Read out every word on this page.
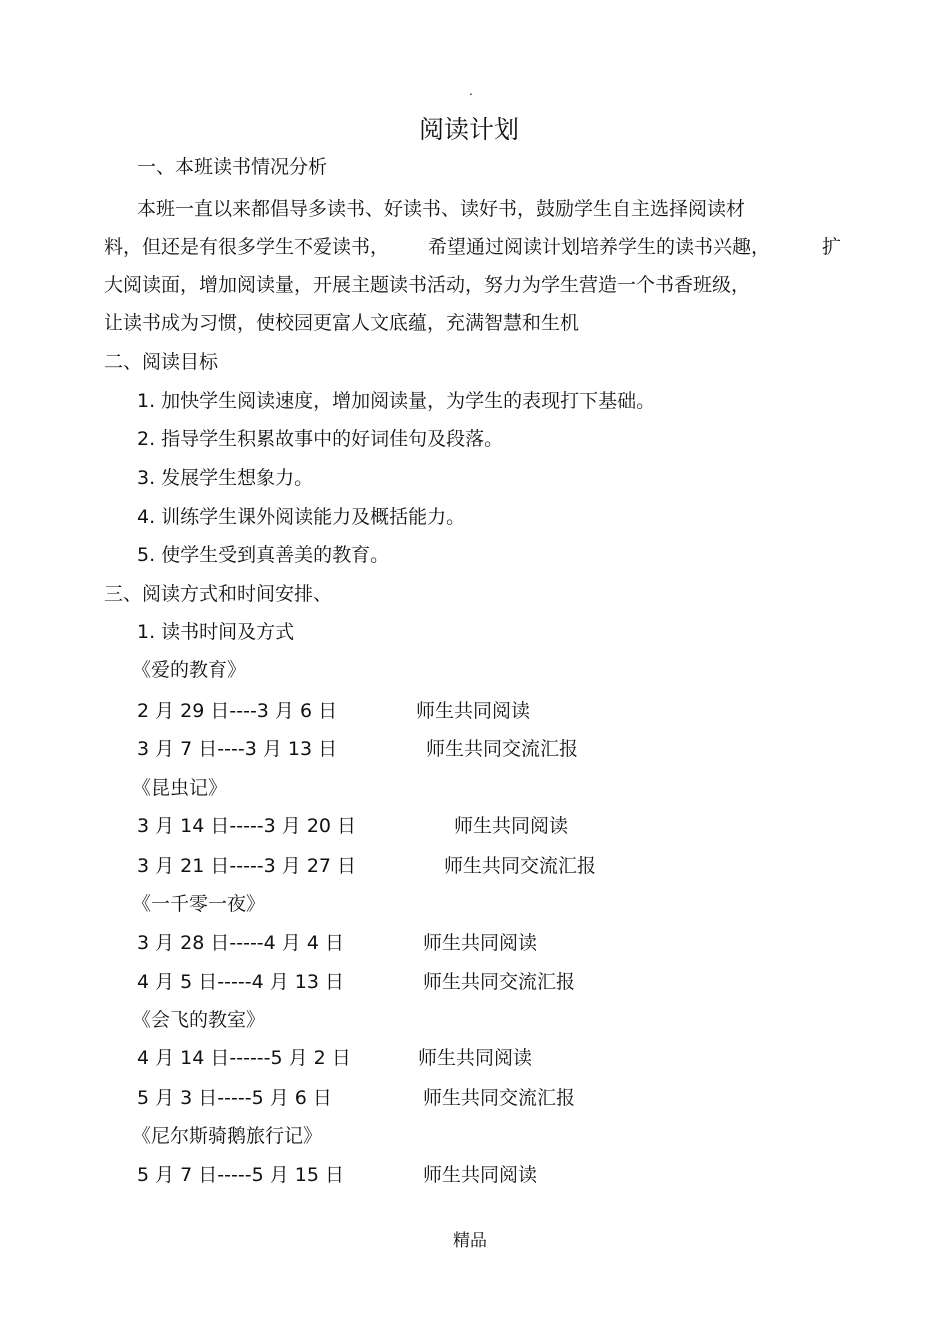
.
阅读计划
一、本班读书情况分析
本班一直以来都倡导多读书、好读书、读好书，鼓励学生自主选择阅读材
料，但还是有很多学生不爱读书， 希望通过阅读计划培养学生的读书兴趣，	扩
大阅读面，增加阅读量，开展主题读书活动，努力为学生营造一个书香班级，
让读书成为习惯，使校园更富人文底蕴，充满智慧和生机
二、阅读目标
1. 加快学生阅读速度，增加阅读量，为学生的表现打下基础。
2. 指导学生积累故事中的好词佳句及段落。
3. 发展学生想象力。
4. 训练学生课外阅读能力及概括能力。
5. 使学生受到真善美的教育。
三、阅读方式和时间安排、
1. 读书时间及方式
《爱的教育》
2 月 29 日----3 月 6 日	师生共同阅读
3 月 7 日----3 月 13 日	师生共同交流汇报
《昆虫记》
3 月 14 日-----3 月 20 日	师生共同阅读
3 月 21 日-----3 月 27 日	师生共同交流汇报
《一千零一夜》
3 月 28 日-----4 月 4 日	师生共同阅读
4 月 5 日-----4 月 13 日	师生共同交流汇报
《会飞的教室》
4 月 14 日------5 月 2 日	师生共同阅读
5 月 3 日-----5 月 6 日	师生共同交流汇报
《尼尔斯骑鹅旅行记》
5 月 7 日-----5 月 15 日	师生共同阅读
精品
